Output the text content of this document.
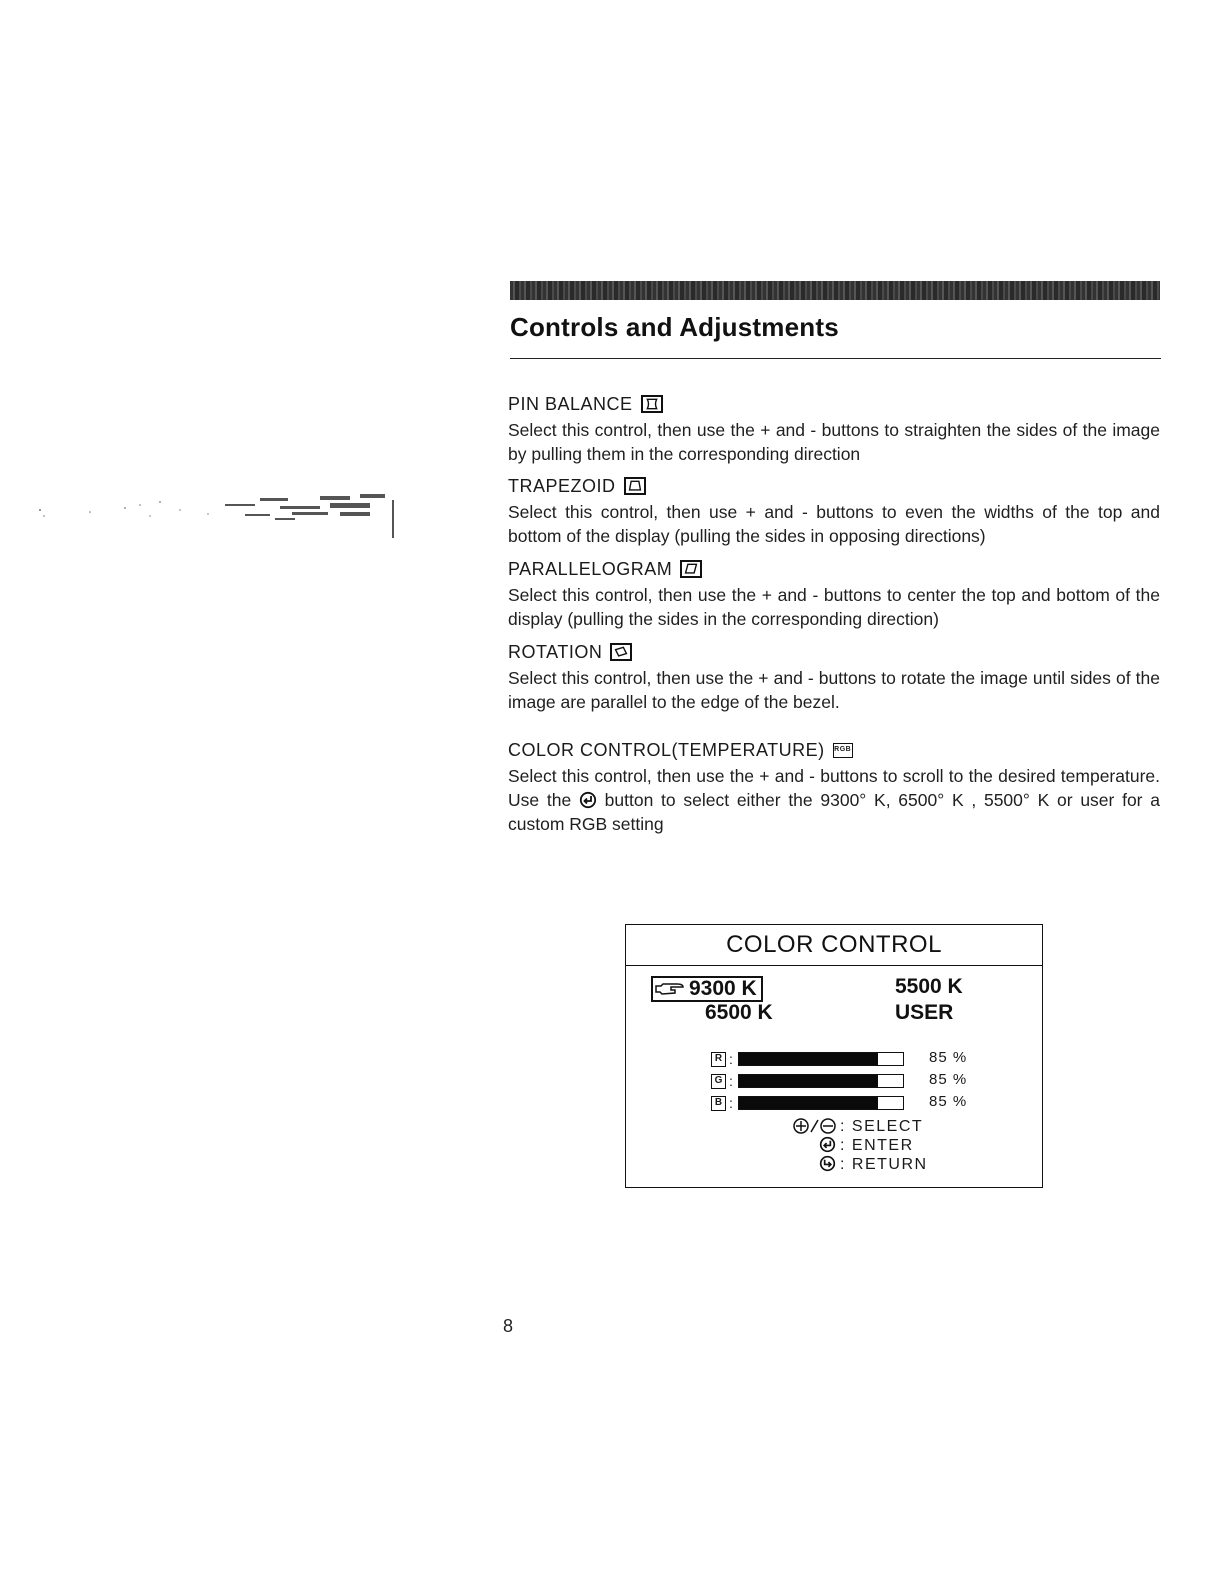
Controls and Adjustments
PIN BALANCE
Select this control, then use the + and - buttons to straighten the sides of the image by pulling them in the corresponding direction
TRAPEZOID
Select this control, then use + and - buttons to even the widths of the top and bottom of the display (pulling the sides in opposing directions)
PARALLELOGRAM
Select this control, then use the + and - buttons to center the top and bottom of the display (pulling the sides in the corresponding direction)
ROTATION
Select this control, then use the + and - buttons to rotate the image until sides of the image are parallel to the edge of the bezel.
COLOR CONTROL(TEMPERATURE) RGB
Select this control, then use the + and - buttons to scroll to the desired temperature. Use the button to select either the 9300° K, 6500° K , 5500° K or user for a custom RGB setting
COLOR CONTROL
9300 K	5500 K
6500 K	USER
R :	85 %
G :	85 %
B :	85 %
: SELECT
: ENTER
: RETURN
8
